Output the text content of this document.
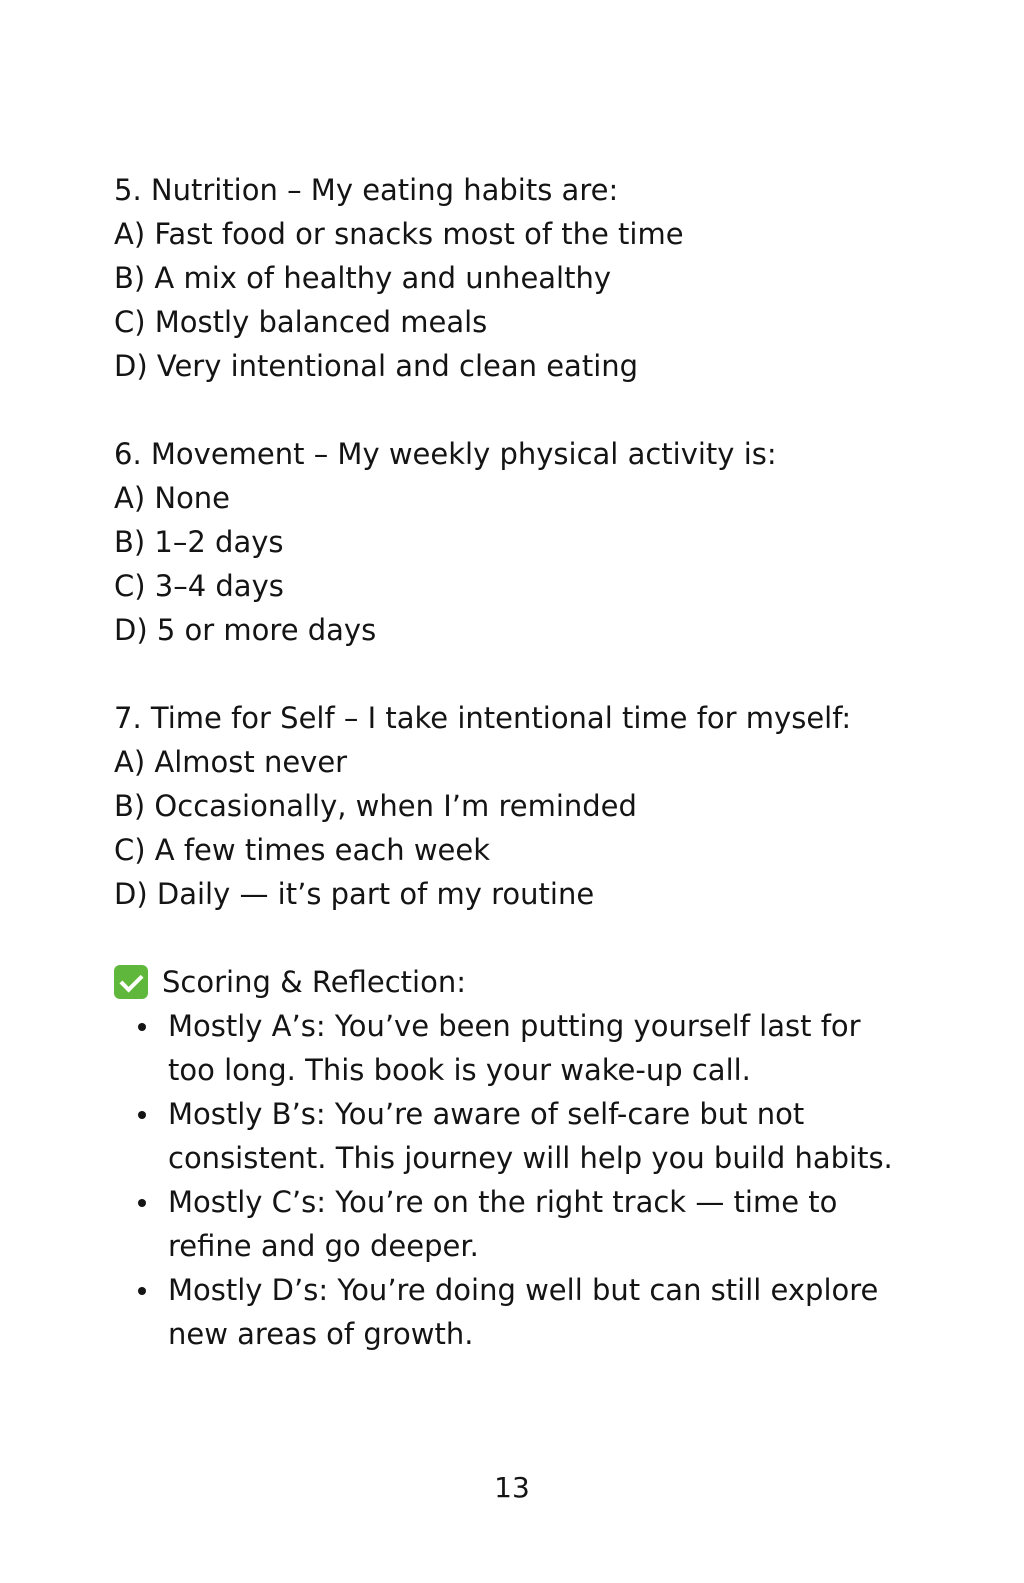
5. Nutrition – My eating habits are:
A) Fast food or snacks most of the time
B) A mix of healthy and unhealthy
C) Mostly balanced meals
D) Very intentional and clean eating
6. Movement – My weekly physical activity is:
A) None
B) 1–2 days
C) 3–4 days
D) 5 or more days
7. Time for Self – I take intentional time for myself:
A) Almost never
B) Occasionally, when I’m reminded
C) A few times each week
D) Daily — it’s part of my routine
Scoring & Reflection:
Mostly A’s: You’ve been putting yourself last for too long. This book is your wake-up call.
Mostly B’s: You’re aware of self-care but not consistent. This journey will help you build habits.
Mostly C’s: You’re on the right track — time to refine and go deeper.
Mostly D’s: You’re doing well but can still explore new areas of growth.
13
